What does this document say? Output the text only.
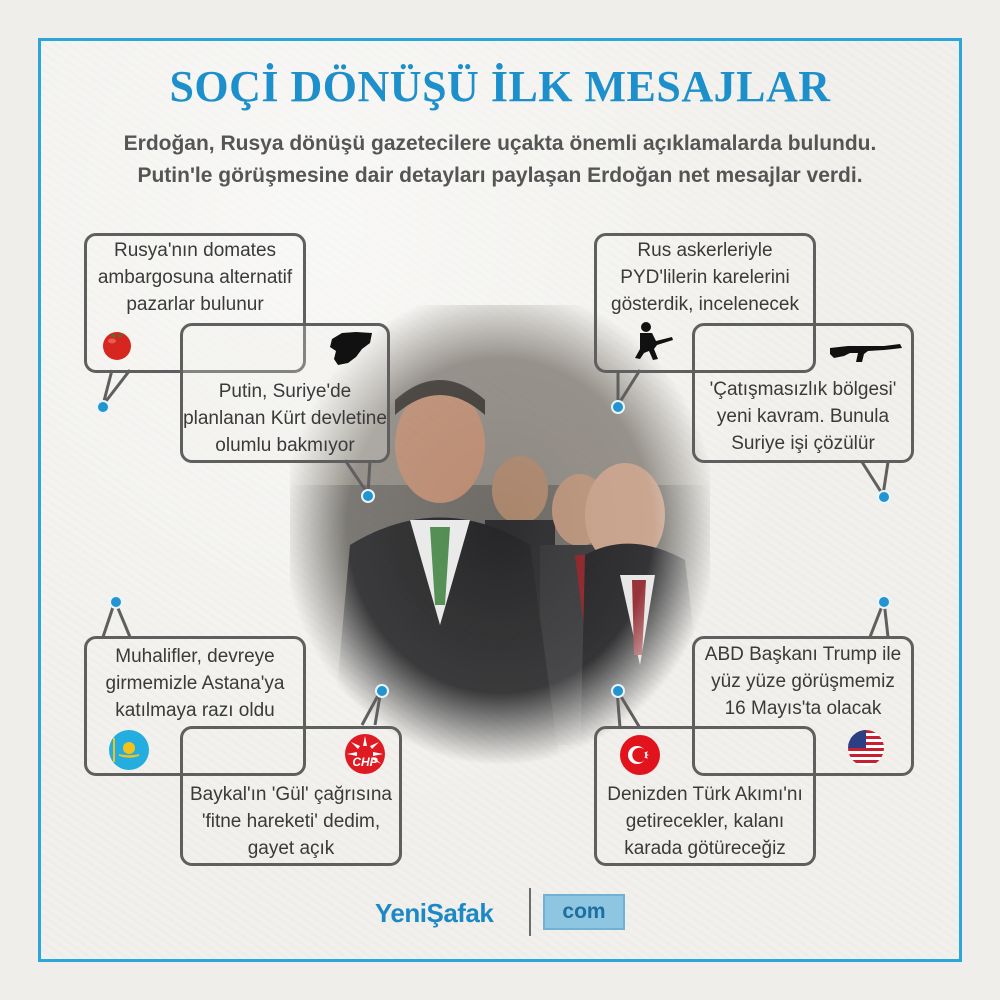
SOÇİ DÖNÜŞÜ İLK MESAJLAR
Erdoğan, Rusya dönüşü gazetecilere uçakta önemli açıklamalarda bulundu.
Putin'le görüşmesine dair detayları paylaşan Erdoğan net mesajlar verdi.
Rusya'nın domates
ambargosuna alternatif
pazarlar bulunur
Putin, Suriye'de
planlanan Kürt devletine
olumlu bakmıyor
Rus askerleriyle
PYD'lilerin karelerini
gösterdik, incelenecek
'Çatışmasızlık bölgesi'
yeni kavram. Bunula
Suriye işi çözülür
Muhalifler, devreye
girmemizle Astana'ya
katılmaya razı oldu
Baykal'ın 'Gül' çağrısına
'fitne hareketi' dedim,
gayet açık
ABD Başkanı Trump ile
yüz yüze görüşmemiz
16 Mayıs'ta olacak
Denizden Türk Akımı'nı
getirecekler, kalanı
karada götüreceğiz
CHP
YeniŞafak	com
